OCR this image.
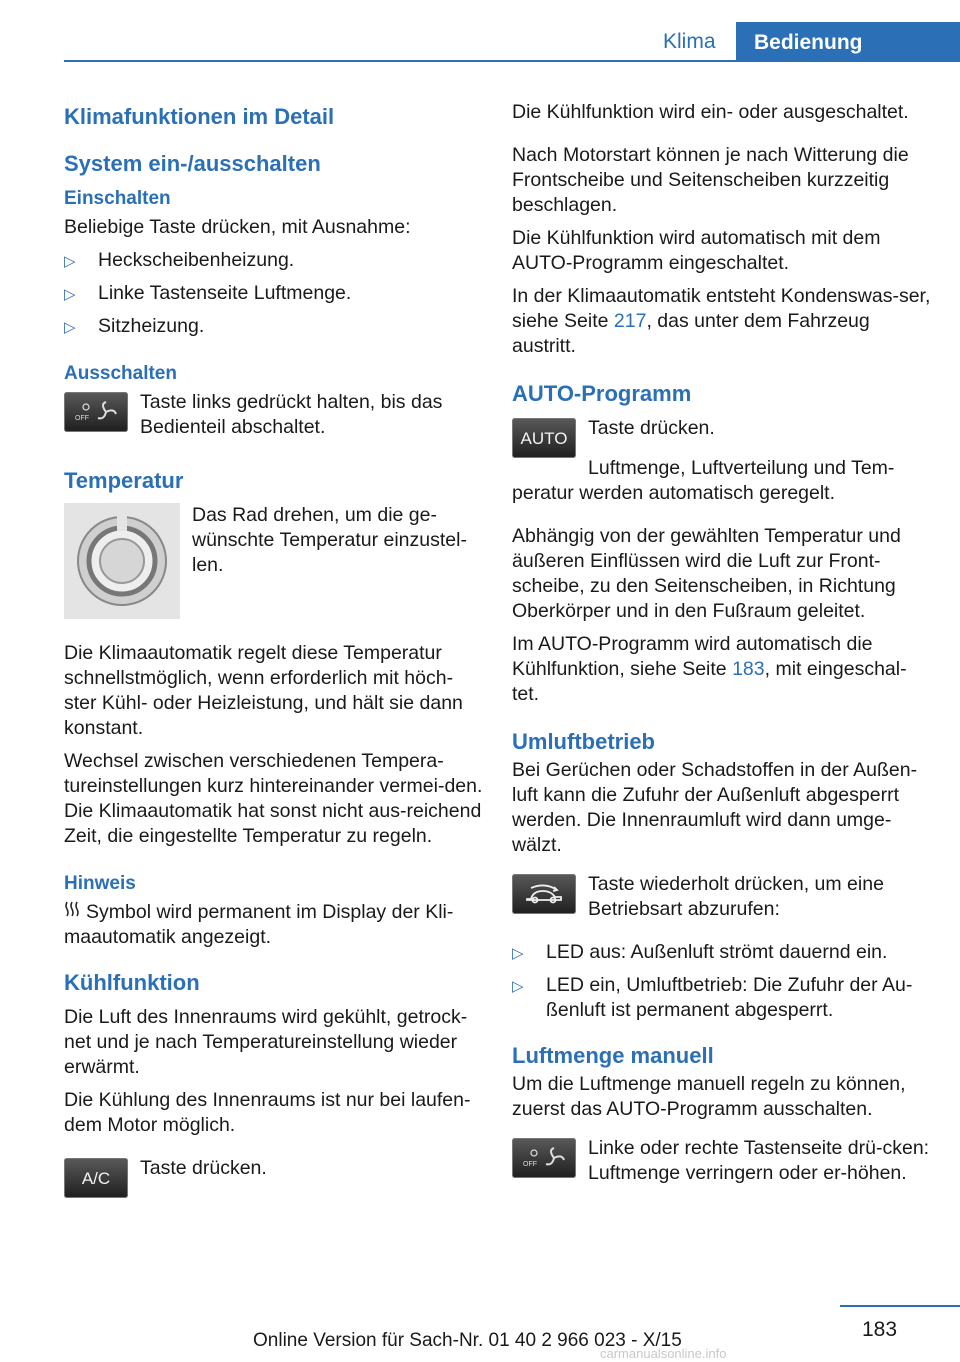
Klima	Bedienung
Klimafunktionen im Detail
System ein-/ausschalten
Einschalten

Beliebige Taste drücken, mit Ausnahme:

▷ Heckscheibenheizung.
▷ Linke Tastenseite Luftmenge.
▷ Sitzheizung.
Ausschalten
OFF
Taste links gedrückt halten, bis das Bedienteil abschaltet.
Temperatur
Das Rad drehen, um die ge-wünschte Temperatur einzustel-len.

Die Klimaautomatik regelt diese Temperatur schnellstmöglich, wenn erforderlich mit höch-ster Kühl- oder Heizleistung, und hält sie dann konstant.

Wechsel zwischen verschiedenen Tempera-tureinstellungen kurz hintereinander vermei-den. Die Klimaautomatik hat sonst nicht aus-reichend Zeit, die eingestellte Temperatur zu regeln.

Hinweis

Symbol wird permanent im Display der Kli-maautomatik angezeigt.

Kühlfunktion

Die Luft des Innenraums wird gekühlt, getrock-net und je nach Temperatureinstellung wieder erwärmt.

Die Kühlung des Innenraums ist nur bei laufen-dem Motor möglich.

A/C	Taste drücken.

Die Kühlfunktion wird ein- oder ausgeschaltet.

Nach Motorstart können je nach Witterung die Frontscheibe und Seitenscheiben kurzzeitig beschlagen.

Die Kühlfunktion wird automatisch mit dem AUTO-Programm eingeschaltet.

In der Klimaautomatik entsteht Kondenswas-ser, siehe Seite 217, das unter dem Fahrzeug austritt.

AUTO-Programm
AUTO	Taste drücken.

Luftmenge, Luftverteilung und Tem-peratur werden automatisch geregelt.

Abhängig von der gewählten Temperatur und äußeren Einflüssen wird die Luft zur Front-scheibe, zu den Seitenscheiben, in Richtung Oberkörper und in den Fußraum geleitet.

Im AUTO-Programm wird automatisch die Kühlfunktion, siehe Seite 183, mit eingeschal-tet.

Umluftbetrieb

Bei Gerüchen oder Schadstoffen in der Außen-luft kann die Zufuhr der Außenluft abgesperrt werden. Die Innenraumluft wird dann umge-wälzt.

Taste wiederholt drücken, um eine Betriebsart abzurufen:
▷ LED aus: Außenluft strömt dauernd ein.
▷ LED ein, Umluftbetrieb: Die Zufuhr der Au-ßenluft ist permanent abgesperrt.
Luftmenge manuell

Um die Luftmenge manuell regeln zu können, zuerst das AUTO-Programm ausschalten.

OFF
Linke oder rechte Tastenseite drü-cken: Luftmenge verringern oder er-höhen.
183
Online Version für Sach-Nr. 01 40 2 966 023 - X/15
carmanualsonline.info
